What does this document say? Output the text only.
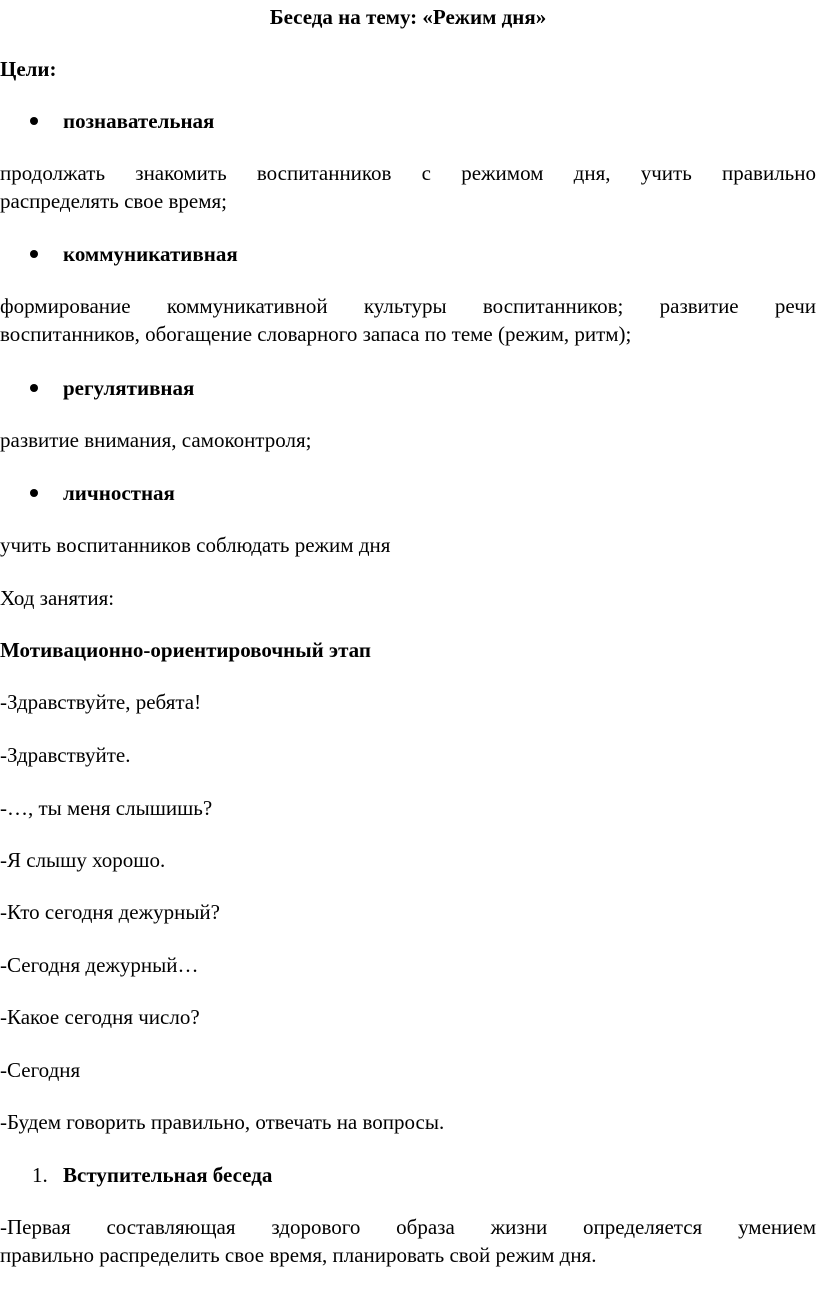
Беседа на тему: «Режим дня»
Цели:
познавательная
продолжать знакомить воспитанников с режимом дня, учить правильно
распределять свое время;
коммуникативная
формирование коммуникативной культуры воспитанников; развитие речи
воспитанников, обогащение словарного запаса по теме (режим, ритм);
регулятивная
развитие внимания, самоконтроля;
личностная
учить воспитанников соблюдать режим дня
Ход занятия:
Мотивационно-ориентировочный этап
-Здравствуйте, ребята!
-Здравствуйте.
-…, ты меня слышишь?
-Я слышу хорошо.
-Кто сегодня дежурный?
-Сегодня дежурный…
-Какое сегодня число?
-Сегодня
-Будем говорить правильно, отвечать на вопросы.
1. Вступительная беседа
-Первая составляющая здорового образа жизни определяется умением
правильно распределить свое время, планировать свой режим дня.
